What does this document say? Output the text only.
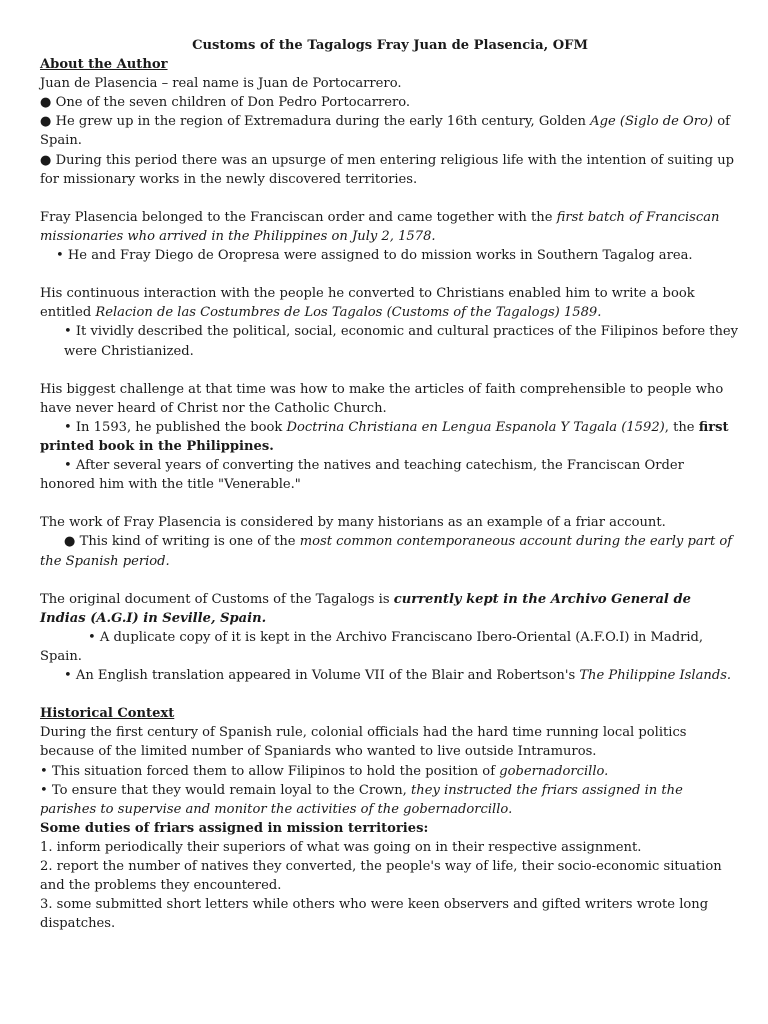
Customs of the Tagalogs Fray Juan de Plasencia, OFM

About the Author

Juan de Plasencia – real name is Juan de Portocarrero.

● One of the seven children of Don Pedro Portocarrero.

● He grew up in the region of Extremadura during the early 16th century, Golden Age (Siglo de Oro) of Spain.

● During this period there was an upsurge of men entering religious life with the intention of suiting up for missionary works in the newly discovered territories.

Fray Plasencia belonged to the Franciscan order and came together with the first batch of Franciscan missionaries who arrived in the Philippines on July 2, 1578.

• He and Fray Diego de Oropresa were assigned to do mission works in Southern Tagalog area.

His continuous interaction with the people he converted to Christians enabled him to write a book entitled Relacion de las Costumbres de Los Tagalos (Customs of the Tagalogs) 1589.

• It vividly described the political, social, economic and cultural practices of the Filipinos before they were Christianized.

His biggest challenge at that time was how to make the articles of faith comprehensible to people who have never heard of Christ nor the Catholic Church.

• In 1593, he published the book Doctrina Christiana en Lengua Espanola Y Tagala (1592), the first printed book in the Philippines.

• After several years of converting the natives and teaching catechism, the Franciscan Order honored him with the title "Venerable."

The work of Fray Plasencia is considered by many historians as an example of a friar account.

● This kind of writing is one of the most common contemporaneous account during the early part of the Spanish period.

The original document of Customs of the Tagalogs is currently kept in the Archivo General de Indias (A.G.I) in Seville, Spain.

• A duplicate copy of it is kept in the Archivo Franciscano Ibero-Oriental (A.F.O.I) in Madrid, Spain.

• An English translation appeared in Volume VII of the Blair and Robertson's The Philippine Islands.

Historical Context

During the first century of Spanish rule, colonial officials had the hard time running local politics because of the limited number of Spaniards who wanted to live outside Intramuros.

• This situation forced them to allow Filipinos to hold the position of gobernadorcillo.

• To ensure that they would remain loyal to the Crown, they instructed the friars assigned in the parishes to supervise and monitor the activities of the gobernadorcillo.

Some duties of friars assigned in mission territories:

1. inform periodically their superiors of what was going on in their respective assignment.

2. report the number of natives they converted, the people's way of life, their socio-economic situation and the problems they encountered.

3. some submitted short letters while others who were keen observers and gifted writers wrote long dispatches.
